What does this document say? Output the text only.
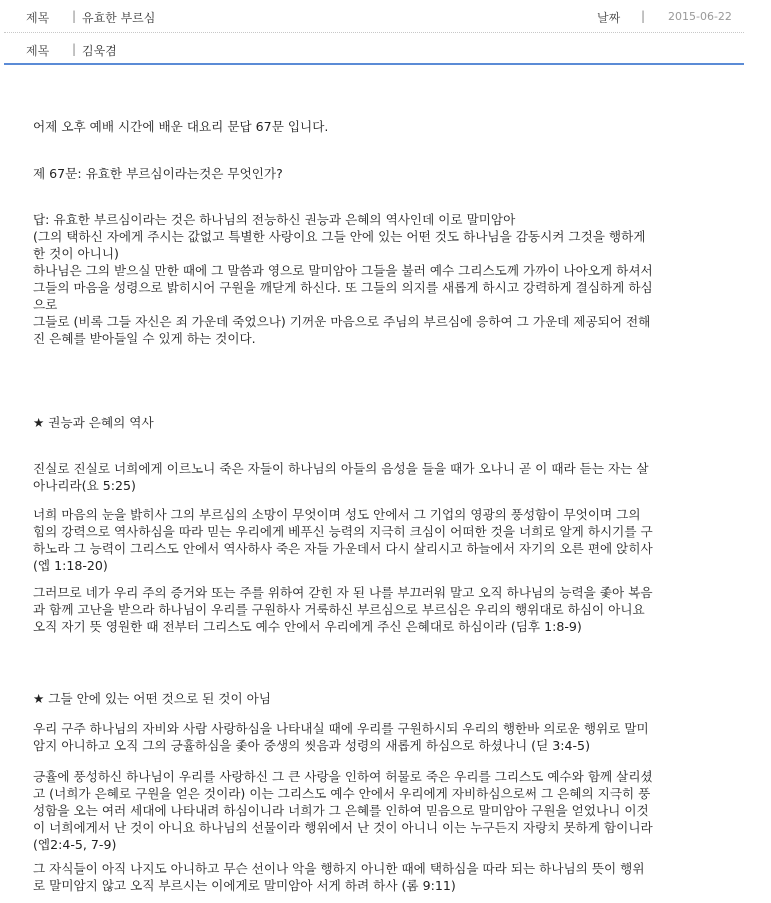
제목 | 유효한 부르심	날짜 | 2015-06-22
제목 | 김욱겸

어제 오후 예배 시간에 배운 대요리 문답 67문 입니다.

제 67문: 유효한 부르심이라는것은 무엇인가?

답: 유효한 부르심이라는 것은 하나님의 전능하신 권능과 은혜의 역사인데 이로 말미암아
(그의 택하신 자에게 주시는 값없고 특별한 사랑이요 그들 안에 있는 어떤 것도 하나님을 감동시켜 그것을 행하게
한 것이 아니니)
하나님은 그의 받으실 만한 때에 그 말씀과 영으로 말미암아 그들을 불러 예수 그리스도께 가까이 나아오게 하셔서
그들의 마음을 성령으로 밝히시어 구원을 깨닫게 하신다. 또 그들의 의지를 새롭게 하시고 강력하게 결심하게 하심
으로
그들로 (비록 그들 자신은 죄 가운데 죽었으나) 기꺼운 마음으로 주님의 부르심에 응하여 그 가운데 제공되어 전해
진 은혜를 받아들일 수 있게 하는 것이다.

★ 권능과 은혜의 역사

진실로 진실로 너희에게 이르노니 죽은 자들이 하나님의 아들의 음성을 들을 때가 오나니 곧 이 때라 듣는 자는 살
아나리라(요 5:25)

너희 마음의 눈을 밝히사 그의 부르심의 소망이 무엇이며 성도 안에서 그 기업의 영광의 풍성함이 무엇이며 그의
힘의 강력으로 역사하심을 따라 믿는 우리에게 베푸신 능력의 지극히 크심이 어떠한 것을 너희로 알게 하시기를 구
하노라 그 능력이 그리스도 안에서 역사하사 죽은 자들 가운데서 다시 살리시고 하늘에서 자기의 오른 편에 앉히사
(엡 1:18-20)

그러므로 네가 우리 주의 증거와 또는 주를 위하여 갇힌 자 된 나를 부끄러워 말고 오직 하나님의 능력을 좇아 복음
과 함께 고난을 받으라 하나님이 우리를 구원하사 거룩하신 부르심으로 부르심은 우리의 행위대로 하심이 아니요
오직 자기 뜻 영원한 때 전부터 그리스도 예수 안에서 우리에게 주신 은혜대로 하심이라 (딤후 1:8-9)

★ 그들 안에 있는 어떤 것으로 된 것이 아님

우리 구주 하나님의 자비와 사람 사랑하심을 나타내실 때에 우리를 구원하시되 우리의 행한바 의로운 행위로 말미
암지 아니하고 오직 그의 긍휼하심을 좇아 중생의 씻음과 성령의 새롭게 하심으로 하셨나니 (딛 3:4-5)

긍휼에 풍성하신 하나님이 우리를 사랑하신 그 큰 사랑을 인하여 허물로 죽은 우리를 그리스도 예수와 함께 살리셨
고 (너희가 은혜로 구원을 얻은 것이라) 이는 그리스도 예수 안에서 우리에게 자비하심으로써 그 은혜의 지극히 풍
성함을 오는 여러 세대에 나타내려 하심이니라 너희가 그 은혜를 인하여 믿음으로 말미암아 구원을 얻었나니 이것
이 너희에게서 난 것이 아니요 하나님의 선물이라 행위에서 난 것이 아니니 이는 누구든지 자랑치 못하게 함이니라
(엡2:4-5, 7-9)

그 자식들이 아직 나지도 아니하고 무슨 선이나 악을 행하지 아니한 때에 택하심을 따라 되는 하나님의 뜻이 행위
로 말미암지 않고 오직 부르시는 이에게로 말미암아 서게 하려 하사 (롬 9:11)
